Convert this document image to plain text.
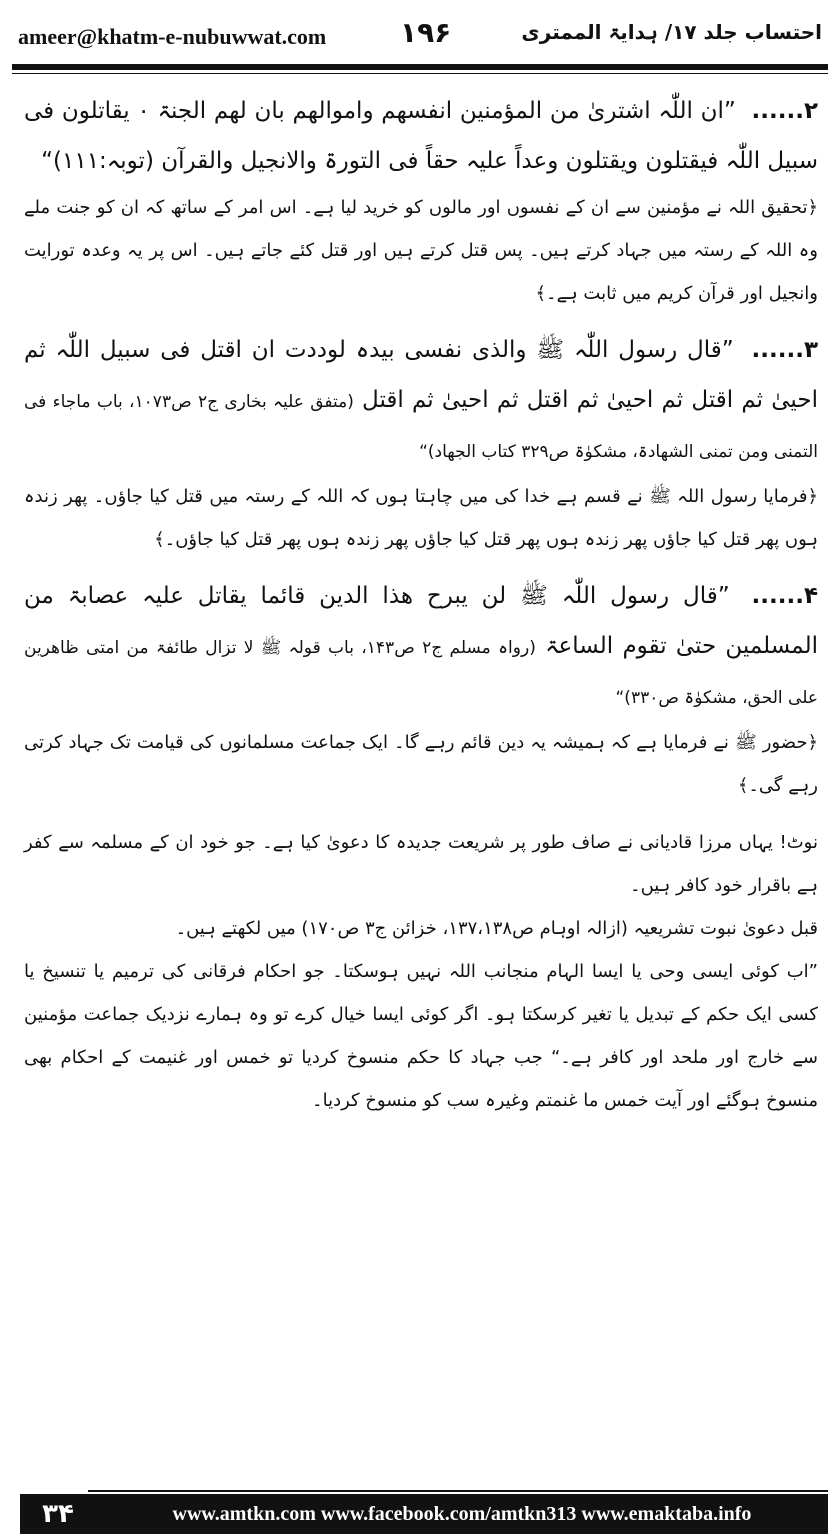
ameer@khatm-e-nubuwwat.com	۱۹۶	احتساب جلد ۱۷/ ہدایۃ الممتری
۲...... ”ان اللّٰہ اشتریٰ من المؤمنین انفسھم واموالھم بان لھم الجنۃ ۰ یقاتلون فی سبیل اللّٰہ فیقتلون ویقتلون وعداً علیہ حقاً فی التورۃ والانجیل والقرآن (توبہ:۱۱۱)“
﴿تحقیق اللہ نے مؤمنین سے ان کے نفسوں اور مالوں کو خرید لیا ہے۔ اس امر کے ساتھ کہ ان کو جنت ملے وہ اللہ کے رستہ میں جہاد کرتے ہیں۔ پس قتل کرتے ہیں اور قتل کئے جاتے ہیں۔ اس پر یہ وعدہ تورایت وانجیل اور قرآن کریم میں ثابت ہے۔﴾
۳...... ”قال رسول اللّٰہ ﷺ والذی نفسی بیدہ لوددت ان اقتل فی سبیل اللّٰہ ثم احییٰ ثم اقتل ثم احییٰ ثم اقتل ثم احییٰ ثم اقتل (متفق علیہ بخاری ج۲ ص۱۰۷۳، باب ماجاء فی التمنی ومن تمنی الشھادۃ، مشکوٰۃ ص۳۲۹ کتاب الجھاد)“
﴿فرمایا رسول اللہ ﷺ نے قسم ہے خدا کی میں چاہتا ہوں کہ اللہ کے رستہ میں قتل کیا جاؤں۔ پھر زندہ ہوں پھر قتل کیا جاؤں پھر زندہ ہوں پھر قتل کیا جاؤں پھر زندہ ہوں پھر قتل کیا جاؤں۔﴾
۴...... ”قال رسول اللّٰہ ﷺ لن یبرح ھذا الدین قائما یقاتل علیہ عصابۃ من المسلمین حتیٰ تقوم الساعۃ (رواہ مسلم ج۲ ص۱۴۳، باب قولہ ﷺ لا تزال طائفۃ من امتی ظاھرین علی الحق، مشکوٰۃ ص۳۳۰)“
﴿حضور ﷺ نے فرمایا ہے کہ ہمیشہ یہ دین قائم رہے گا۔ ایک جماعت مسلمانوں کی قیامت تک جہاد کرتی رہے گی۔﴾
نوٹ! یہاں مرزا قادیانی نے صاف طور پر شریعت جدیدہ کا دعویٰ کیا ہے۔ جو خود ان کے مسلمہ سے کفر ہے باقرار خود کافر ہیں۔
قبل دعویٰ نبوت تشریعیہ (ازالہ اوہام ص۱۳۷،۱۳۸، خزائن ج۳ ص۱۷۰) میں لکھتے ہیں۔
”اب کوئی ایسی وحی یا ایسا الہام منجانب اللہ نہیں ہوسکتا۔ جو احکام فرقانی کی ترمیم یا تنسیخ یا کسی ایک حکم کے تبدیل یا تغیر کرسکتا ہو۔ اگر کوئی ایسا خیال کرے تو وہ ہمارے نزدیک جماعت مؤمنین سے خارج اور ملحد اور کافر ہے۔“ جب جہاد کا حکم منسوخ کردیا تو خمس اور غنیمت کے احکام بھی منسوخ ہوگئے اور آیت خمس ما غنمتم وغیرہ سب کو منسوخ کردیا۔
۳۴	www.amtkn.com www.facebook.com/amtkn313 www.emaktaba.info
